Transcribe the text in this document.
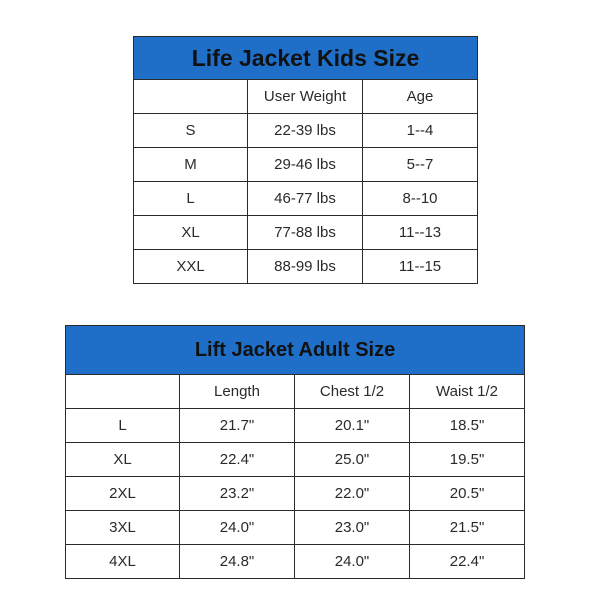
Life Jacket Kids Size		
	User Weight	Age
S	22-39 lbs	1--4
M	29-46 lbs	5--7
L	46-77 lbs	8--10
XL	77-88 lbs	11--13
XXL	88-99 lbs	11--15
Lift Jacket Adult Size			
	Length	Chest 1/2	Waist 1/2
L	21.7"	20.1"	18.5"
XL	22.4"	25.0"	19.5"
2XL	23.2"	22.0"	20.5"
3XL	24.0"	23.0"	21.5"
4XL	24.8"	24.0"	22.4"
